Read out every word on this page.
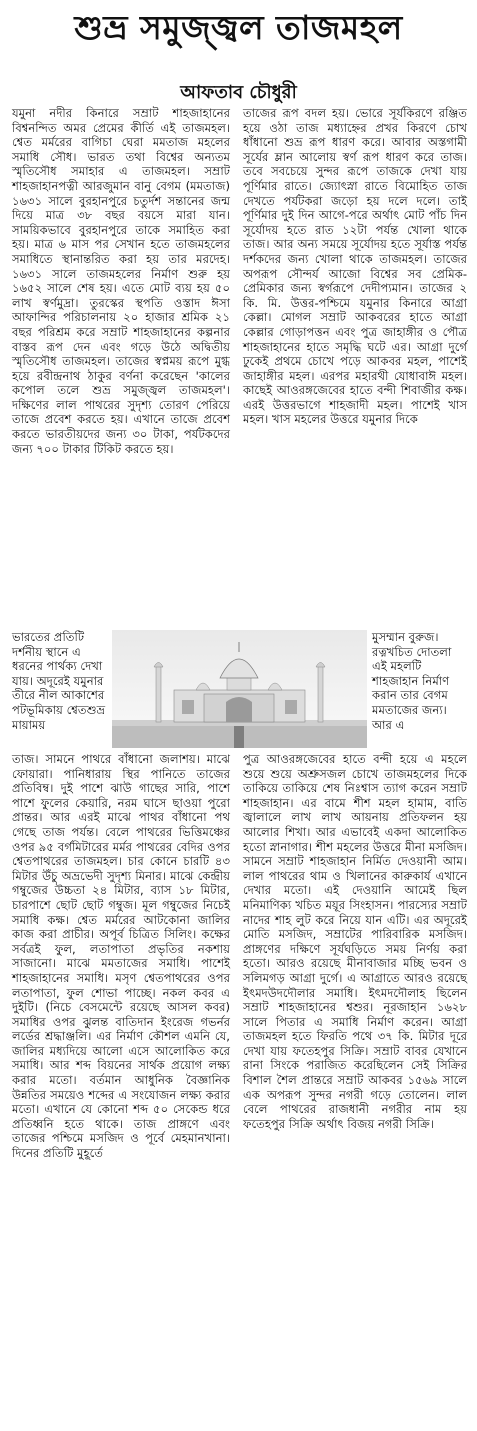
শুভ্র সমুজ্জ্বল তাজমহল
আফতাব চৌধুরী

যমুনা নদীর কিনারে সম্রাট শাহজাহানের বিশ্বনন্দিত অমর প্রেমের কীর্তি এই তাজমহল। শ্বেত মর্মরের বাগিচা ঘেরা মমতাজ মহলের সমাধি সৌধ। ভারত তথা বিশ্বের অন্যতম স্মৃতিসৌধ সমাহার এ তাজমহল। সম্রাট শাহজাহানপত্নী আরজুমান বানু বেগম (মমতাজ) ১৬৩১ সালে বুরহানপুরে চতুর্দশ সন্তানের জন্ম দিয়ে মাত্র ৩৮ বছর বয়সে মারা যান। সাময়িকভাবে বুরহানপুরে তাকে সমাহিত করা হয়। মাত্র ৬ মাস পর সেখান হতে তাজমহলের সমাধিতে স্থানান্তরিত করা হয় তার মরদেহ। ১৬৩১ সালে তাজমহলের নির্মাণ শুরু হয় ১৬৫২ সালে শেষ হয়। এতে মোট ব্যয় হয় ৫০ লাখ স্বর্ণমুদ্রা। তুরস্কের স্থপতি ওস্তাদ ঈসা আফান্দির পরিচালনায় ২০ হাজার শ্রমিক ২১ বছর পরিশ্রম করে সম্রাট শাহজাহানের কল্পনার বাস্তব রূপ দেন এবং গড়ে উঠে অদ্বিতীয় স্মৃতিসৌধ তাজমহল। তাজের স্বপ্নময় রূপে মুগ্ধ হয়ে রবীন্দ্রনাথ ঠাকুর বর্ণনা করেছেন 'কালের কপোল তলে শুভ্র সমুজ্জ্বল তাজমহল'। দক্ষিণের লাল পাথরের সুদৃশ্য তোরণ পেরিয়ে তাজে প্রবেশ করতে হয়। এখানে তাজে প্রবেশ করতে ভারতীয়দের জন্য ৩০ টাকা, পর্যটকদের জন্য ৭০০ টাকার টিকিট করতে হয়।

তাজের রূপ বদল হয়। ভোরে সূর্যকিরণে রঞ্জিত হয়ে ওঠা তাজ মধ্যাহ্নের প্রখর কিরণে চোখ ধাঁধানো শুভ্র রূপ ধারণ করে। আবার অস্তগামী সূর্যের ম্লান আলোয় স্বর্ণ রূপ ধারণ করে তাজ। তবে সবচেয়ে সুন্দর রূপে তাজকে দেখা যায় পূর্ণিমার রাতে। জ্যোৎস্না রাতে বিমোহিত তাজ দেখতে পর্যটকরা জড়ো হয় দলে দলে। তাই পূর্ণিমার দুই দিন আগে-পরে অর্থাৎ মোট পাঁচ দিন সূর্যোদয় হতে রাত ১২টা পর্যন্ত খোলা থাকে তাজ। আর অন্য সময়ে সূর্যোদয় হতে সূর্যাস্ত পর্যন্ত দর্শকদের জন্য খোলা থাকে তাজমহল। তাজের অপরূপ সৌন্দর্য আজো বিশ্বের সব প্রেমিক-প্রেমিকার জন্য স্বর্গরূপে দেদীপ্যমান। তাজের ২ কি. মি. উত্তর-পশ্চিমে যমুনার কিনারে আগ্রা কেল্লা। মোগল সম্রাট আকবরের হাতে আগ্রা কেল্লার গোড়াপত্তন এবং পুত্র জাহাঙ্গীর ও পৌত্র শাহজাহানের হাতে সমৃদ্ধি ঘটে এর। আগ্রা দুর্গে ঢুকেই প্রথমে চোখে পড়ে আকবর মহল, পাশেই জাহাঙ্গীর মহল। এরপর মহারথী যোধাবাঈ মহল। কাছেই আওরঙ্গজেবের হাতে বন্দী শিবাজীর কক্ষ। এরই উত্তরভাগে শাহজাদী মহল। পাশেই খাস মহল। খাস মহলের উত্তরে যমুনার দিকে

ভারতের প্রতিটি দর্শনীয় স্থানে এ ধরনের পার্থক্য দেখা যায়। অদূরেই যমুনার তীরে নীল আকাশের পটভূমিকায় শ্বেতশুভ্র মায়াময়

মুসম্মান বুরুজ। রত্নখচিত দোতলা এই মহলটি শাহজাহান নির্মাণ করান তার বেগম মমতাজের জন্য। আর এ

তাজ। সামনে পাথরে বাঁধানো জলাশয়। মাঝে ফোয়ারা। পানিধারায় স্থির পানিতে তাজের প্রতিবিম্ব। দুই পাশে ঝাউ গাছের সারি, পাশে পাশে ফুলের কেয়ারি, নরম ঘাসে ছাওয়া পুরো প্রান্তর। আর এরই মাঝে পাথর বাঁধানো পথ গেছে তাজ পর্যন্ত। বেলে পাথরের ভিত্তিমঞ্চের ওপর ৯৫ বর্গমিটারের মর্মর পাথরের বেদির ওপর শ্বেতপাথরের তাজমহল। চার কোনে চারটি ৪৩ মিটার উঁচু অভ্রভেদী সুদৃশ্য মিনার। মাঝে কেন্দ্রীয় গম্বুজের উচ্চতা ২৪ মিটার, ব্যাস ১৮ মিটার, চারপাশে ছোট ছোট গম্বুজ। মূল গম্বুজের নিচেই সমাধি কক্ষ। শ্বেত মর্মরের আটকোনা জালির কাজ করা প্রাচীর। অপূর্ব চিত্রিত সিলিং। কক্ষের সর্বত্রই ফুল, লতাপাতা প্রভৃতির নকশায় সাজানো। মাঝে মমতাজের সমাধি। পাশেই শাহজাহানের সমাধি। মসৃণ শ্বেতপাথরের ওপর লতাপাতা, ফুল শোভা পাচ্ছে। নকল কবর এ দুইটি। (নিচে বেসমেন্টে রয়েছে আসল কবর) সমাধির ওপর ঝুলন্ত বাতিদান ইংরেজ গভর্নর লর্ডের শ্রদ্ধাঞ্জলি। এর নির্মাণ কৌশল এমনি যে, জালির মধ্যদিয়ে আলো এসে আলোকিত করে সমাধি। আর শব্দ বিয়নের সার্থক প্রয়োগ লক্ষ্য করার মতো। বর্তমান আধুনিক বৈজ্ঞানিক উন্নতির সময়েও শব্দের এ সংযোজন লক্ষ্য করার মতো। এখানে যে কোনো শব্দ ৫০ সেকেন্ড ধরে প্রতিধ্বনি হতে থাকে। তাজ প্রাঙ্গণে এবং তাজের পশ্চিমে মসজিদ ও পূর্বে মেহমানখানা। দিনের প্রতিটি মুহূর্তে

পুত্র আওরঙ্গজেবের হাতে বন্দী হয়ে এ মহলে শুয়ে শুয়ে অশ্রুসজল চোখে তাজমহলের দিকে তাকিয়ে তাকিয়ে শেষ নিঃশ্বাস ত্যাগ করেন সম্রাট শাহজাহান। এর বামে শীশ মহল হামাম, বাতি জ্বালালে লাখ লাখ আয়নায় প্রতিফলন হয় আলোর শিখা। আর এভাবেই একদা আলোকিত হতো স্নানাগার। শীশ মহলের উত্তরে মীনা মসজিদ। সামনে সম্রাট শাহজাহান নির্মিত দেওয়ানী আম। লাল পাথরের থাম ও খিলানের কারুকার্য এখানে দেখার মতো। এই দেওয়ানি আমেই ছিল মনিমাণিক্য খচিত ময়ূর সিংহাসন। পারস্যের সম্রাট নাদের শাহ লুট করে নিয়ে যান এটি। এর অদূরেই মোতি মসজিদ, সম্রাটের পারিবারিক মসজিদ। প্রাঙ্গণের দক্ষিণে সূর্যঘড়িতে সময় নির্ণয় করা হতো। আরও রয়েছে মীনাবাজার মচ্ছি ভবন ও সলিমগড় আগ্রা দুর্গে। এ আগ্রাতে আরও রয়েছে ইৎমদউদদৌলার সমাধি। ইৎমদদৌলাহ ছিলেন সম্রাট শাহজাহানের শ্বশুর। নূরজাহান ১৬২৮ সালে পিতার এ সমাধি নির্মাণ করেন। আগ্রা তাজমহল হতে ফিরতি পথে ৩৭ কি. মিটার দূরে দেখা যায় ফতেহপুর সিক্রি। সম্রাট বাবর যেখানে রানা সিংকে পরাজিত করেছিলেন সেই সিক্রির বিশাল শৈল প্রান্তরে সম্রাট আকবর ১৫৬৯ সালে এক অপরূপ সুন্দর নগরী গড়ে তোলেন। লাল বেলে পাথরের রাজধানী নগরীর নাম হয় ফতেহপুর সিক্রি অর্থাৎ বিজয় নগরী সিক্রি।
